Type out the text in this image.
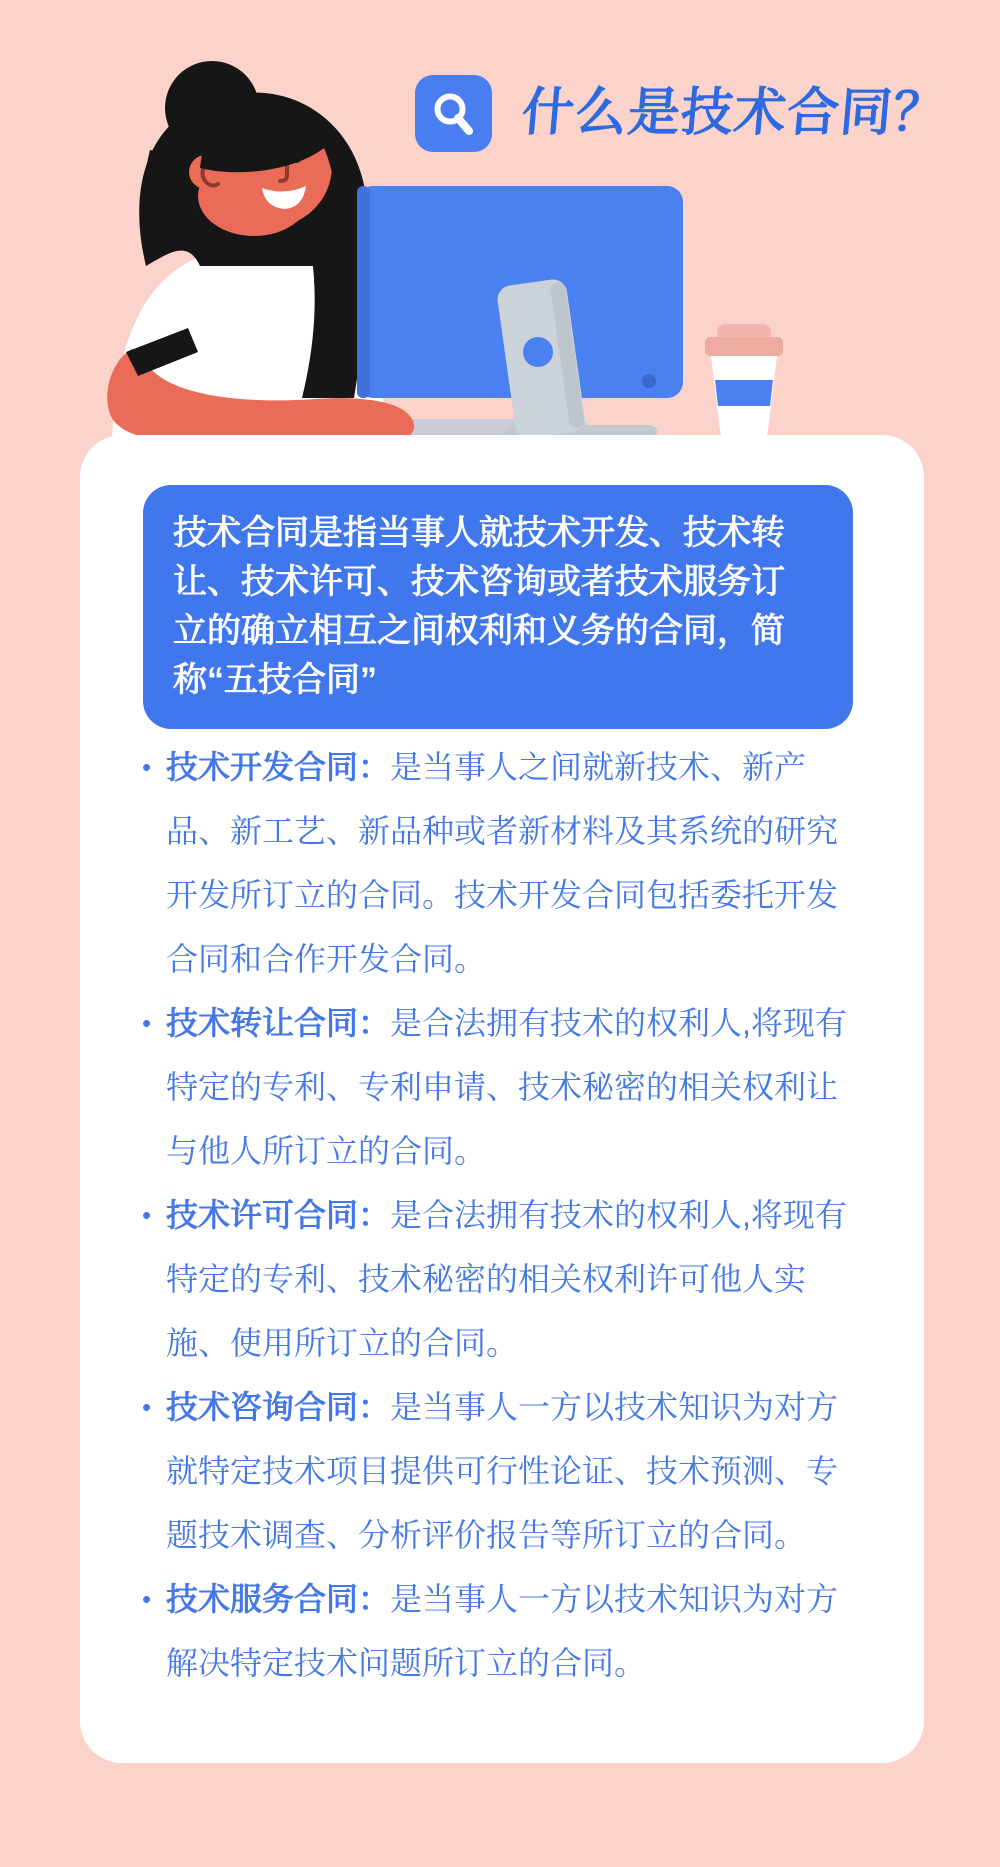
什么是技术合同？

技术合同是指当事人就技术开发、技术转让、技术许可、技术咨询或者技术服务订立的确立相互之间权利和义务的合同，简称“五技合同”

• 技术开发合同：是当事人之间就新技术、新产品、新工艺、新品种或者新材料及其系统的研究开发所订立的合同。技术开发合同包括委托开发合同和合作开发合同。

• 技术转让合同：是合法拥有技术的权利人,将现有特定的专利、专利申请、技术秘密的相关权利让与他人所订立的合同。

• 技术许可合同：是合法拥有技术的权利人,将现有特定的专利、技术秘密的相关权利许可他人实施、使用所订立的合同。

• 技术咨询合同：是当事人一方以技术知识为对方就特定技术项目提供可行性论证、技术预测、专题技术调查、分析评价报告等所订立的合同。

• 技术服务合同：是当事人一方以技术知识为对方解决特定技术问题所订立的合同。
